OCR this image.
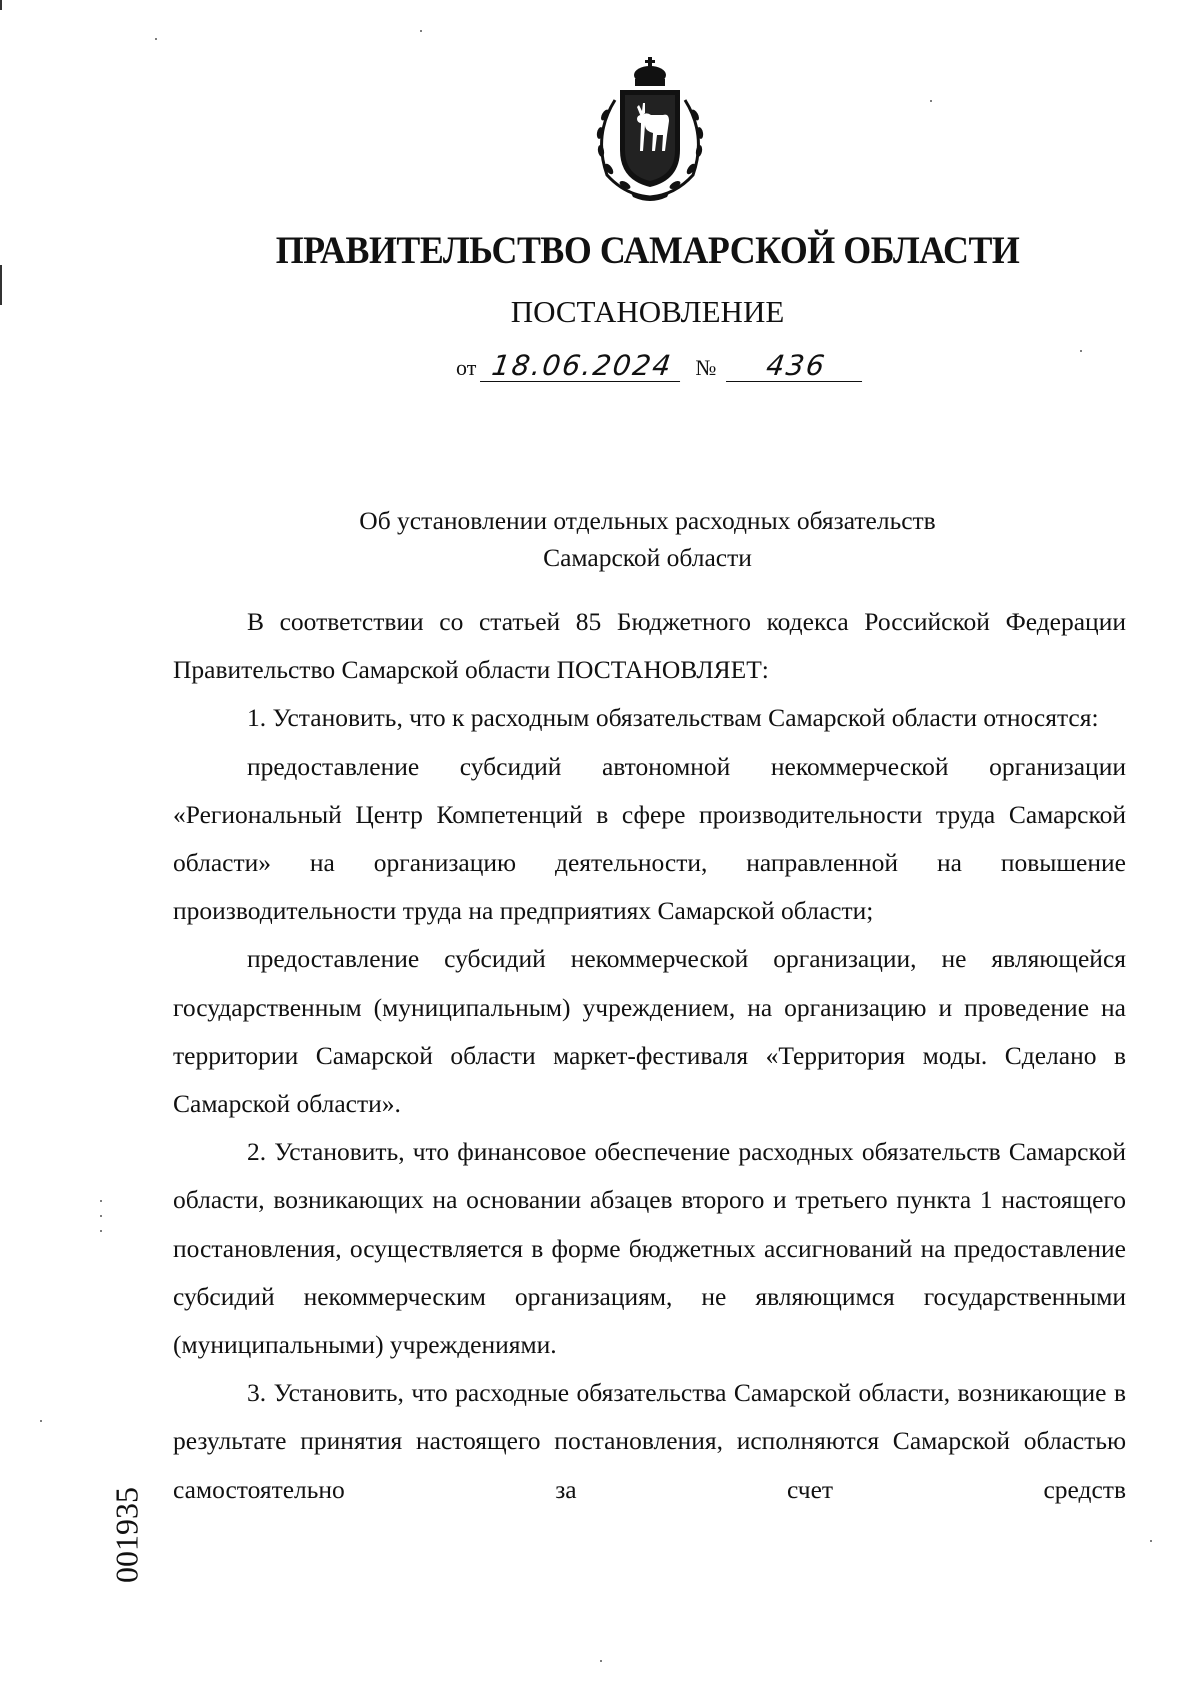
ПРАВИТЕЛЬСТВО САМАРСКОЙ ОБЛАСТИ
ПОСТАНОВЛЕНИЕ
от 18.06.2024 № 436
Об установлении отдельных расходных обязательств
Самарской области

В соответствии со статьей 85 Бюджетного кодекса Российской Федерации Правительство Самарской области ПОСТАНОВЛЯЕТ:

1. Установить, что к расходным обязательствам Самарской области относятся:

предоставление субсидий автономной некоммерческой организации «Региональный Центр Компетенций в сфере производительности труда Самарской области» на организацию деятельности, направленной на повышение производительности труда на предприятиях Самарской области;

предоставление субсидий некоммерческой организации, не являющейся государственным (муниципальным) учреждением, на организацию и проведение на территории Самарской области маркет-фестиваля «Территория моды. Сделано в Самарской области».

2. Установить, что финансовое обеспечение расходных обязательств Самарской области, возникающих на основании абзацев второго и третьего пункта 1 настоящего постановления, осуществляется в форме бюджетных ассигнований на предоставление субсидий некоммерческим организациям, не являющимся государственными (муниципальными) учреждениями.

3. Установить, что расходные обязательства Самарской области, возникающие в результате принятия настоящего постановления, исполняются Самарской областью самостоятельно за счет средств

001935
